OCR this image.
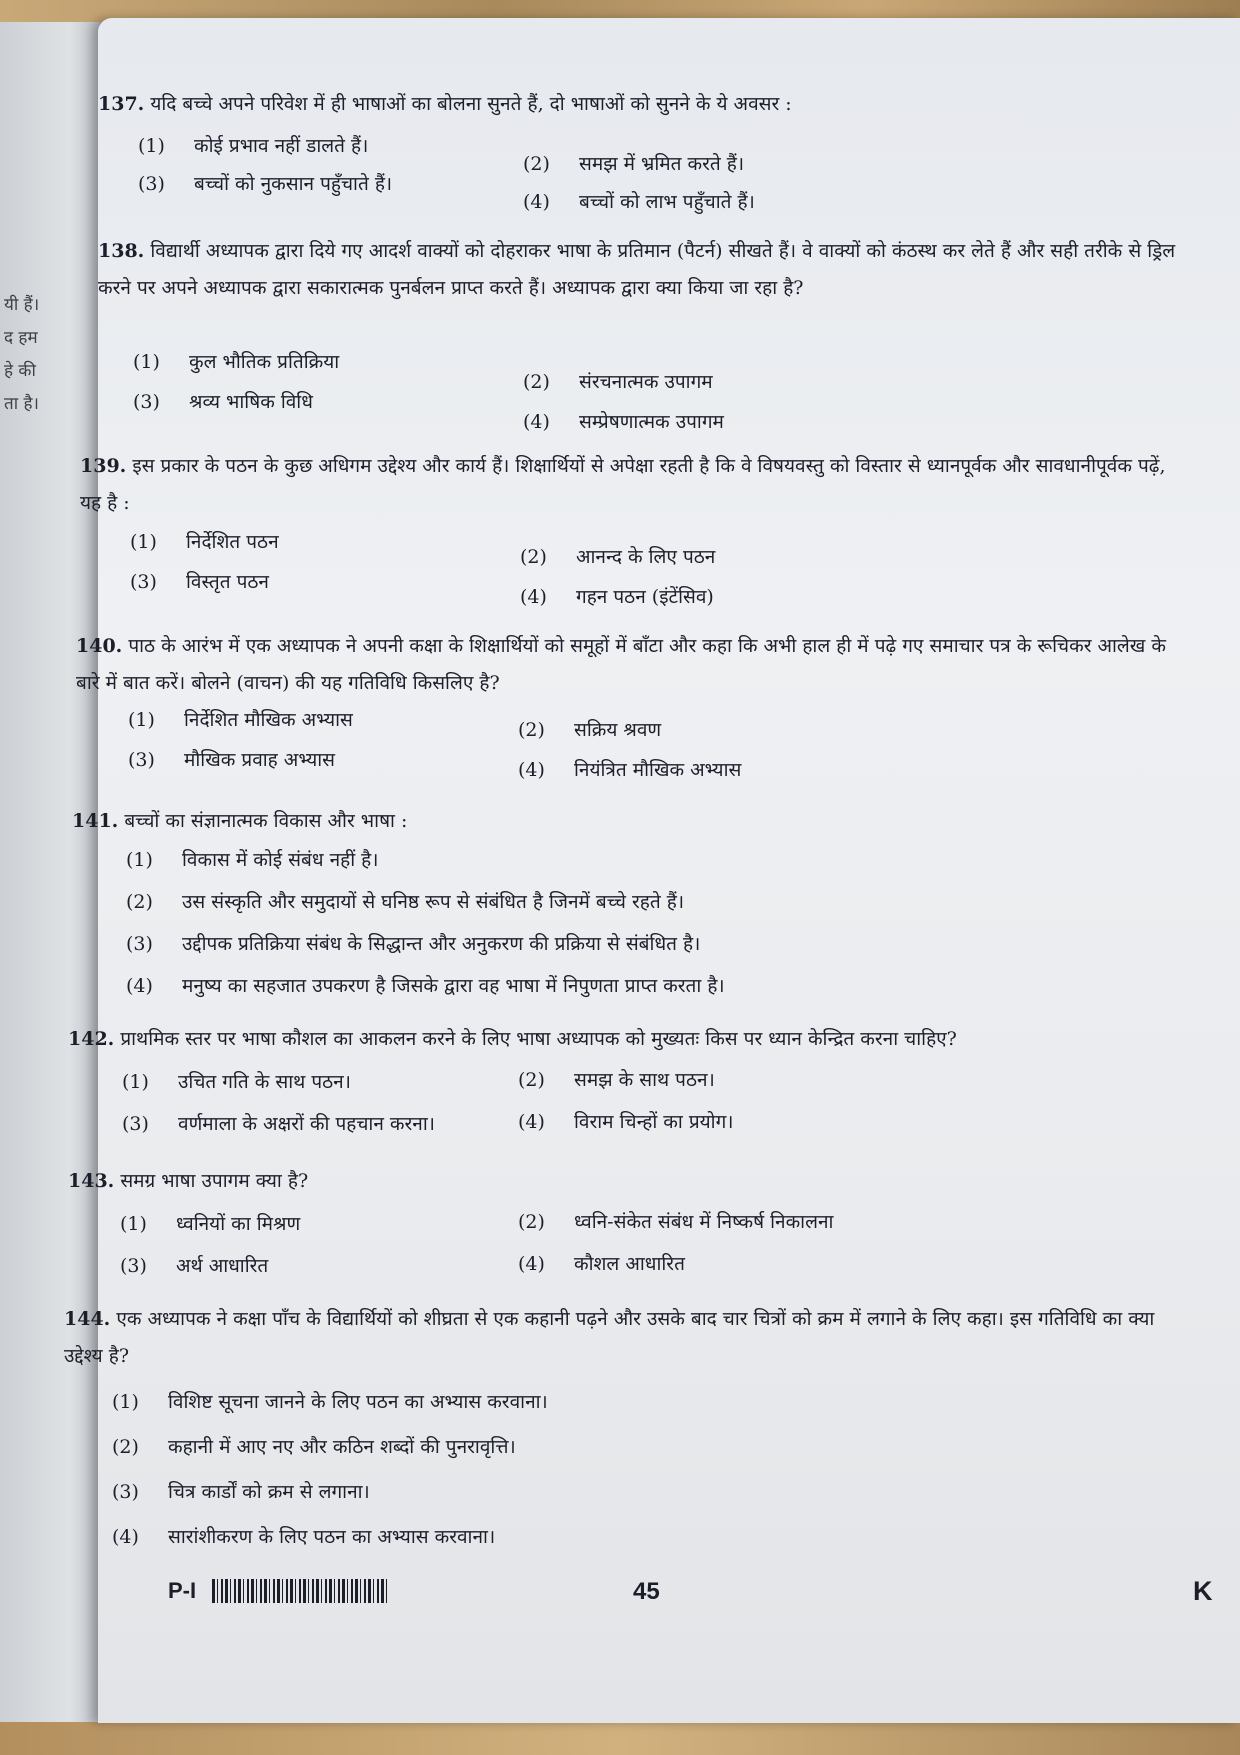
यी हैं।
द हम
हे की
ता है।
137. यदि बच्चे अपने परिवेश में ही भाषाओं का बोलना सुनते हैं, दो भाषाओं को सुनने के ये अवसर :
(1) कोई प्रभाव नहीं डालते हैं।
(2) समझ में भ्रमित करते हैं।
(3) बच्चों को नुकसान पहुँचाते हैं।
(4) बच्चों को लाभ पहुँचाते हैं।
138. विद्यार्थी अध्यापक द्वारा दिये गए आदर्श वाक्यों को दोहराकर भाषा के प्रतिमान (पैटर्न) सीखते हैं। वे वाक्यों को कंठस्थ कर लेते हैं और सही तरीके से ड्रिल करने पर अपने अध्यापक द्वारा सकारात्मक पुनर्बलन प्राप्त करते हैं। अध्यापक द्वारा क्या किया जा रहा है?
(1) कुल भौतिक प्रतिक्रिया
(2) संरचनात्मक उपागम
(3) श्रव्य भाषिक विधि
(4) सम्प्रेषणात्मक उपागम
139. इस प्रकार के पठन के कुछ अधिगम उद्देश्य और कार्य हैं। शिक्षार्थियों से अपेक्षा रहती है कि वे विषयवस्तु को विस्तार से ध्यानपूर्वक और सावधानीपूर्वक पढ़ें, यह है :
(1) निर्देशित पठन
(2) आनन्द के लिए पठन
(3) विस्तृत पठन
(4) गहन पठन (इंटेंसिव)
140. पाठ के आरंभ में एक अध्यापक ने अपनी कक्षा के शिक्षार्थियों को समूहों में बाँटा और कहा कि अभी हाल ही में पढ़े गए समाचार पत्र के रूचिकर आलेख के बारे में बात करें। बोलने (वाचन) की यह गतिविधि किसलिए है?
(1) निर्देशित मौखिक अभ्यास	(2) सक्रिय श्रवण
(3) मौखिक प्रवाह अभ्यास	(4) नियंत्रित मौखिक अभ्यास
141. बच्चों का संज्ञानात्मक विकास और भाषा :
(1) विकास में कोई संबंध नहीं है।
(2) उस संस्कृति और समुदायों से घनिष्ठ रूप से संबंधित है जिनमें बच्चे रहते हैं।
(3) उद्दीपक प्रतिक्रिया संबंध के सिद्धान्त और अनुकरण की प्रक्रिया से संबंधित है।
(4) मनुष्य का सहजात उपकरण है जिसके द्वारा वह भाषा में निपुणता प्राप्त करता है।
142. प्राथमिक स्तर पर भाषा कौशल का आकलन करने के लिए भाषा अध्यापक को मुख्यतः किस पर ध्यान केन्द्रित करना चाहिए?
(1) उचित गति के साथ पठन।	(2) समझ के साथ पठन।
(3) वर्णमाला के अक्षरों की पहचान करना।	(4) विराम चिन्हों का प्रयोग।
143. समग्र भाषा उपागम क्या है?
(1) ध्वनियों का मिश्रण	(2) ध्वनि-संकेत संबंध में निष्कर्ष निकालना
(3) अर्थ आधारित	(4) कौशल आधारित
144. एक अध्यापक ने कक्षा पाँच के विद्यार्थियों को शीघ्रता से एक कहानी पढ़ने और उसके बाद चार चित्रों को क्रम में लगाने के लिए कहा। इस गतिविधि का क्या उद्देश्य है?
(1) विशिष्ट सूचना जानने के लिए पठन का अभ्यास करवाना।
(2) कहानी में आए नए और कठिन शब्दों की पुनरावृत्ति।
(3) चित्र कार्डों को क्रम से लगाना।
(4) सारांशीकरण के लिए पठन का अभ्यास करवाना।
P-I	45	K
